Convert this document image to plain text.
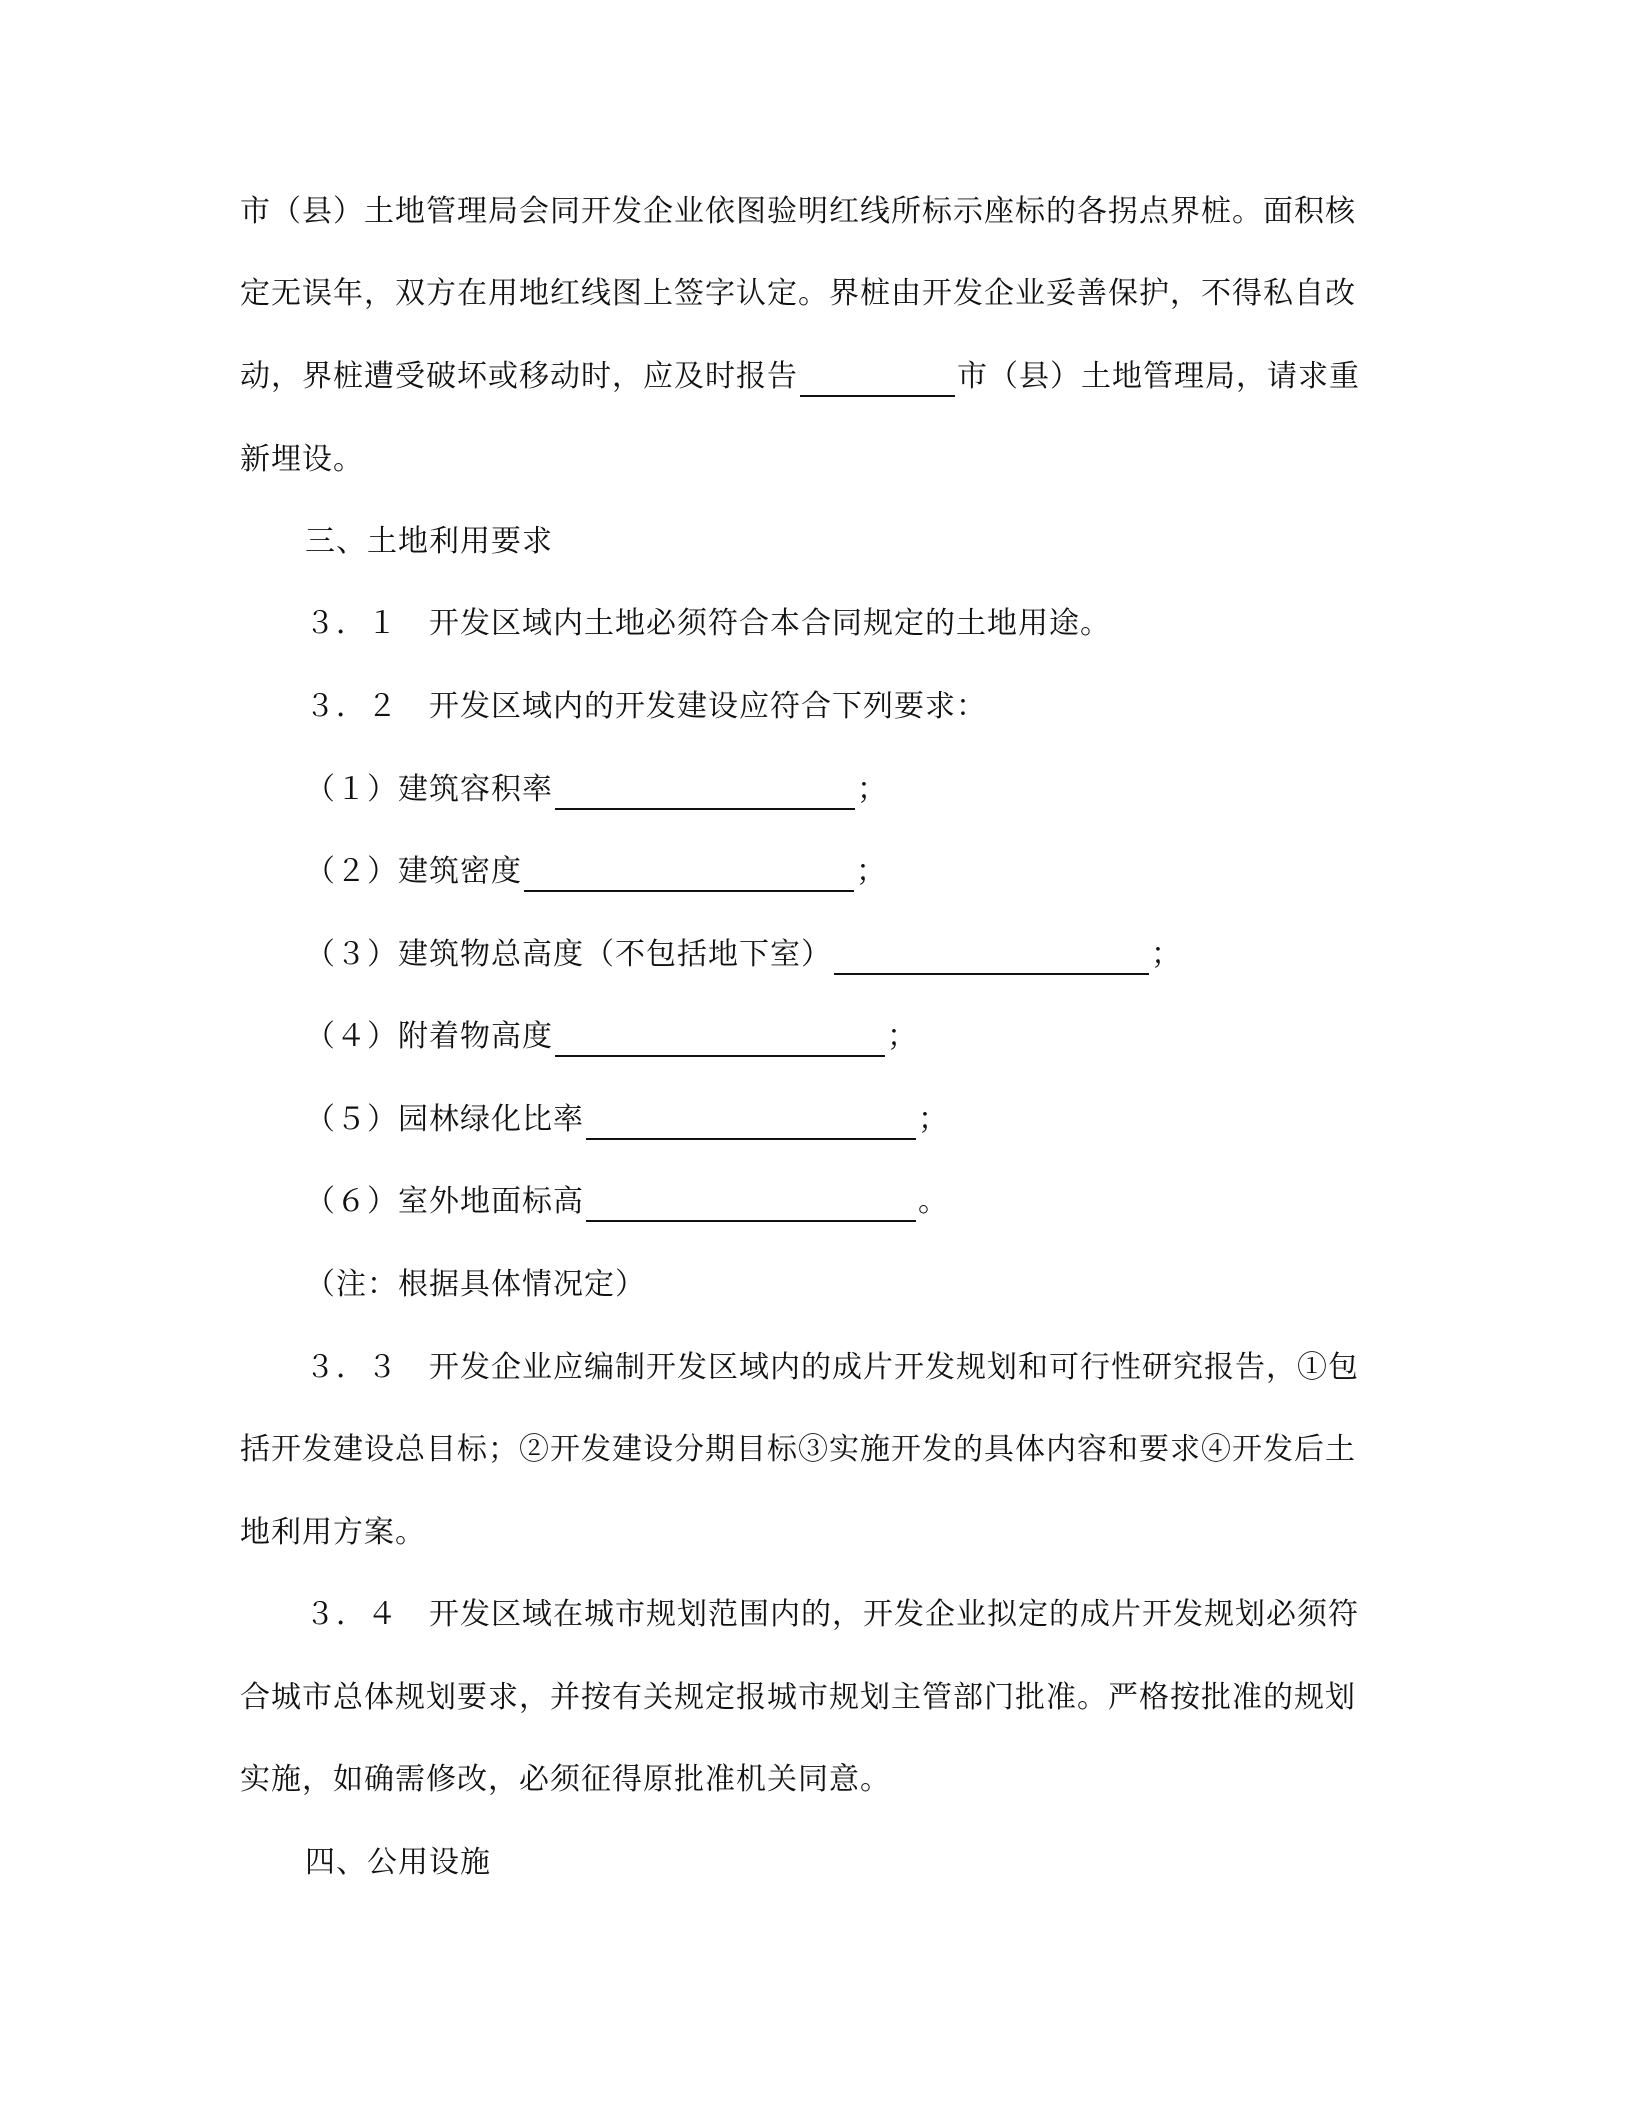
市（县）土地管理局会同开发企业依图验明红线所标示座标的各拐点界桩。面积核
定无误年，双方在用地红线图上签字认定。界桩由开发企业妥善保护，不得私自改
动，界桩遭受破坏或移动时，应及时报告	市（县）土地管理局，请求重
新埋设。
三、土地利用要求
３．１　开发区域内土地必须符合本合同规定的土地用途。
３．２　开发区域内的开发建设应符合下列要求：
（１）建筑容积率	；
（２）建筑密度	；
（３）建筑物总高度（不包括地下室）	；
（４）附着物高度	；
（５）园林绿化比率	；
（６）室外地面标高	。
（注：根据具体情况定）
３．３　开发企业应编制开发区域内的成片开发规划和可行性研究报告，①包
括开发建设总目标；②开发建设分期目标③实施开发的具体内容和要求④开发后土
地利用方案。
３．４　开发区域在城市规划范围内的，开发企业拟定的成片开发规划必须符
合城市总体规划要求，并按有关规定报城市规划主管部门批准。严格按批准的规划
实施，如确需修改，必须征得原批准机关同意。
四、公用设施
